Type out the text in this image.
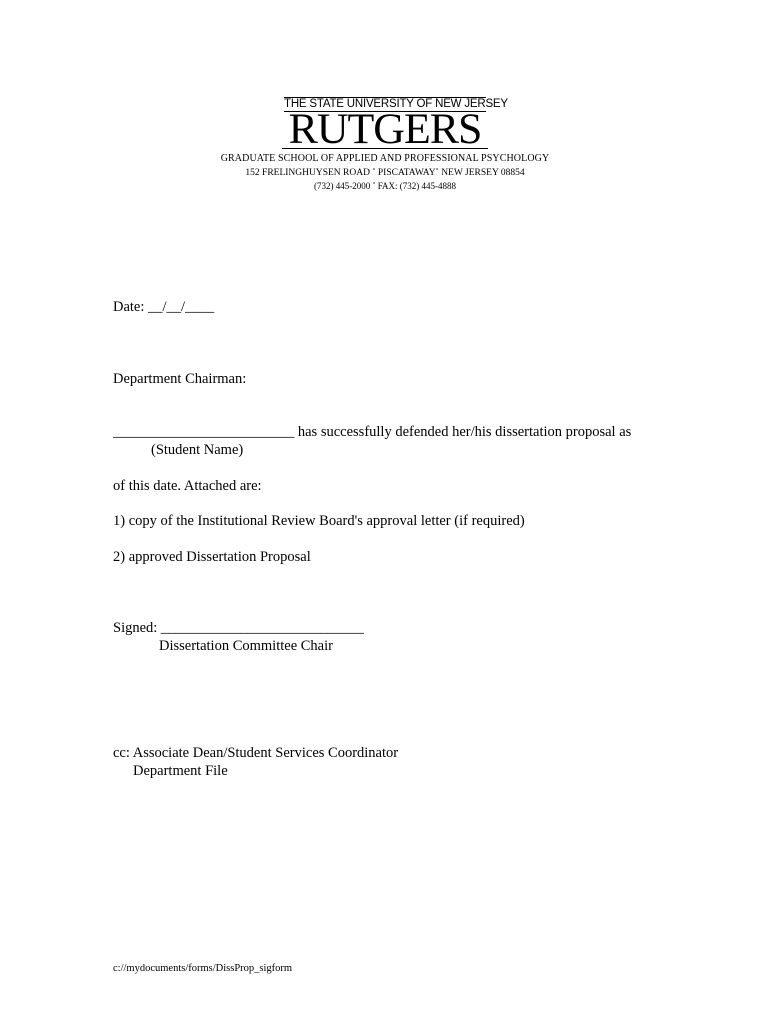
THE STATE UNIVERSITY OF NEW JERSEY
RUTGERS
GRADUATE SCHOOL OF APPLIED AND PROFESSIONAL PSYCHOLOGY
152 FRELINGHUYSEN ROAD ˚ PISCATAWAY˚ NEW JERSEY 08854
(732) 445-2000 ˚ FAX: (732) 445-4888
Date: __/__/____
Department Chairman:
_________________________ has successfully defended her/his dissertation proposal as
(Student Name)
of this date. Attached are:
1) copy of the Institutional Review Board's approval letter (if required)
2) approved Dissertation Proposal
Signed: ____________________________
Dissertation Committee Chair
cc: Associate Dean/Student Services Coordinator
Department File
c://mydocuments/forms/DissProp_sigform
